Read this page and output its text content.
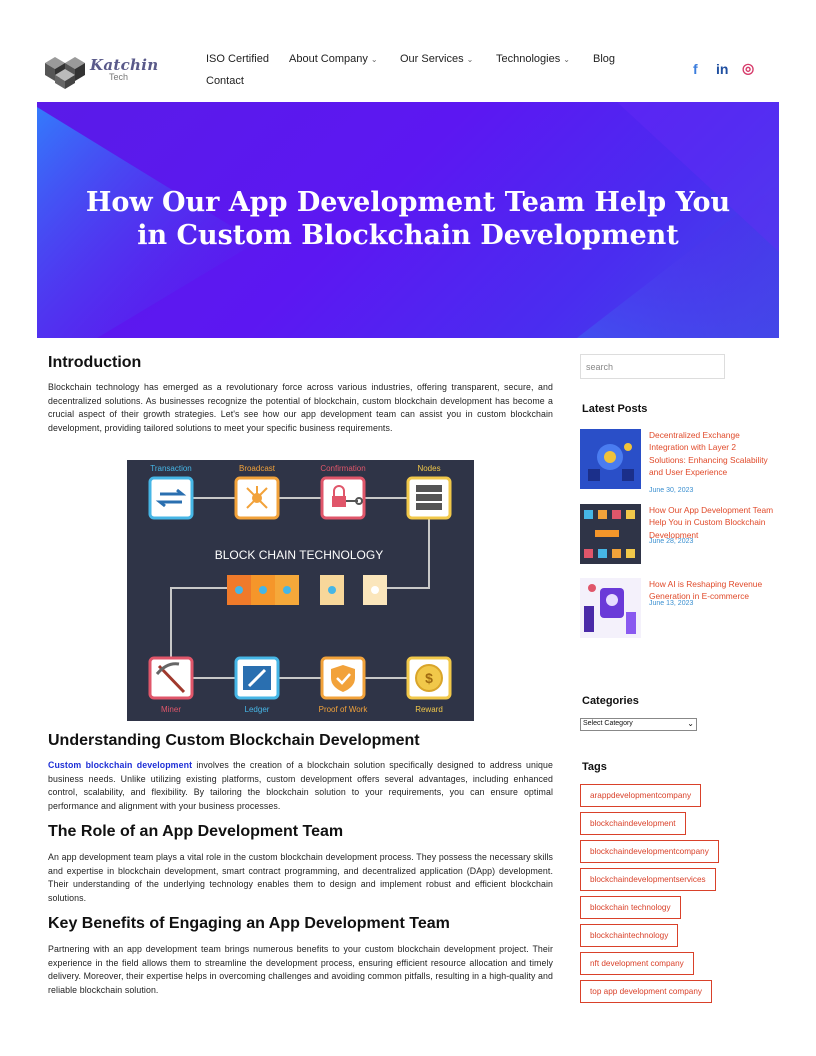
Katchin
Tech
ISO Certified About Company ⌄ Our Services ⌄ Technologies ⌄ Blog
Contact
f in ◎
How Our App Development Team Help You
in Custom Blockchain Development
Introduction

Blockchain technology has emerged as a revolutionary force across various industries, offering transparent, secure, and decentralized solutions. As businesses recognize the potential of blockchain, custom blockchain development has become a crucial aspect of their growth strategies. Let's see how our app development team can assist you in custom blockchain development, providing tailored solutions to meet your specific business requirements.

Transaction	Broadcast	Confirmation	Nodes
BLOCK CHAIN TECHNOLOGY
$
Miner	Ledger	Proof of Work	Reward
Understanding Custom Blockchain Development

Custom blockchain development involves the creation of a blockchain solution specifically designed to address unique business needs. Unlike utilizing existing platforms, custom development offers several advantages, including enhanced control, scalability, and flexibility. By tailoring the blockchain solution to your requirements, you can ensure optimal performance and alignment with your business processes.

The Role of an App Development Team

An app development team plays a vital role in the custom blockchain development process. They possess the necessary skills and expertise in blockchain development, smart contract programming, and decentralized application (DApp) development. Their understanding of the underlying technology enables them to design and implement robust and efficient blockchain solutions.

Key Benefits of Engaging an App Development Team

Partnering with an app development team brings numerous benefits to your custom blockchain development project. Their experience in the field allows them to streamline the development process, ensuring efficient resource allocation and timely delivery. Moreover, their expertise helps in overcoming challenges and avoiding common pitfalls, resulting in a high-quality and reliable blockchain solution.

search
Latest Posts
Decentralized Exchange Integration with Layer 2 Solutions: Enhancing Scalability and User Experience
June 30, 2023
How Our App Development Team Help You in Custom Blockchain Development
June 28, 2023
How AI is Reshaping Revenue Generation in E-commerce
June 13, 2023
Categories
Select Category	⌄
Tags
arappdevelopmentcompany
blockchaindevelopment
blockchaindevelopmentcompany
blockchaindevelopmentservices
blockchain technology
blockchaintechnology
nft development company
top app development company
